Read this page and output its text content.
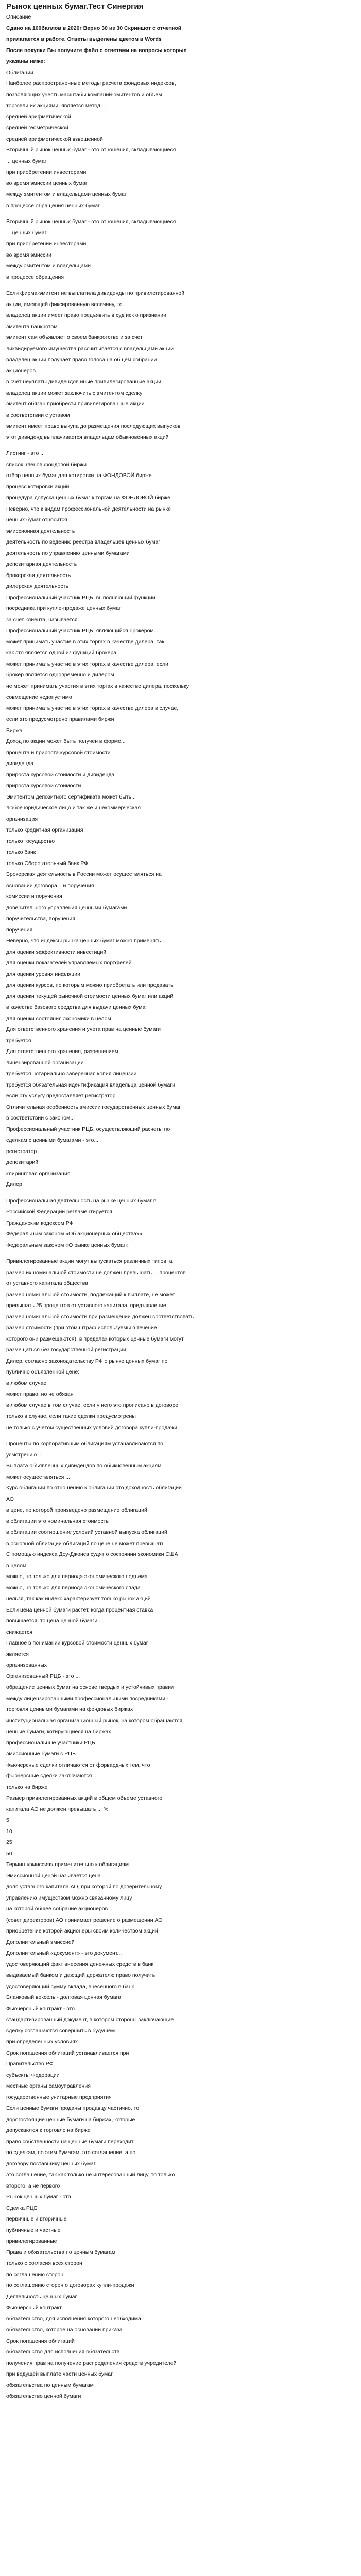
Рынок ценных бумаг.Тест Синергия
Описание
Сдано на 100баллов в 2020г Верно 30 из 30 Скриншот с отчетной
прилагается в работе. Ответы выделены цветом в Words
После покупки Вы получите файл с ответами на вопросы которые
указаны ниже:
Облигации
Наиболее распространенные методы расчета фондовых индексов,
позволяющих учесть масштабы компаний-эмитентов и объем
торговли их акциями, является метод...
средней арифметической
средней геометрической
средней арифметической взвешенной
Вторичный рынок ценных бумаг - это отношения, складывающиеся
... ценных бумаг
при приобретении инвесторами
во время эмиссии ценных бумаг
между эмитентом и владельцами ценных бумаг
в процессе обращения ценных бумаг
Вторичный рынок ценных бумаг - это отношения, складывающиеся
... ценных бумаг
при приобретении инвесторами
во время эмиссии
между эмитентом и владельцами
в процессе обращения
Если фирма-эмитент не выплатила дивиденды по привилегированной
акции, имеющей фиксированную величину, то...
владелец акции имеет право предъявить в суд иск о признании
эмитента банкротом
эмитент сам объявляет о своем банкротстве и за счет
ликвидируемого имущества рассчитывается с владельцами акций
владелец акции получает право голоса на общем собрании
акционеров
в счет неуплаты дивидендов иные привилегированные акции
владелец акции может заключить с эмитентом сделку
эмитент обязан приобрести привилегированные акции
в соответствии с уставом
эмитент имеет право выкупа до размещения последующих выпусков
этот дивиденд выплачивается владельцам обыкновенных акций
Листинг - это ...
список членов фондовой биржи
отбор ценных бумаг для котировки на ФОНДОВОЙ бирже
процесс котировки акций
процедура допуска ценных бумаг к торгам на ФОНДОВОЙ бирже
Неверно, что к видам профессиональной деятельности на рынке
ценных бумаг относится...
эмиссионная деятельность
деятельность по ведению реестра владельцев ценных бумаг
деятельность по управлению ценными бумагами
депозитарная деятельность
брокерская деятельность
дилерская деятельность
Профессиональный участник РЦБ, выполняющий функции
посредника при купле-продаже ценных бумаг
за счет клиента, называется...
Профессиональный участник РЦБ, являющийся брокером...
может принимать участие в этих торгах в качестве дилера, так
как это является одной из функций брокера
может принимать участие в этих торгах в качестве дилера, если
брокер является одновременно и дилером
не может принимать участия в этих торгах в качестве дилера, поскольку
совмещение недопустимо
может принимать участие в этих торгах в качестве дилера в случае,
если это предусмотрено правилами биржи
Биржа
Доход по акции может быть получен в форме...
процента и прироста курсовой стоимости
дивиденда
прироста курсовой стоимости и дивиденда
прироста курсовой стоимости
Эмитентом депозитного сертификата может быть...
любое юридическое лицо и так же и некоммерческая
организация
только кредитная организация
только государство
только банк
только Сберегательный банк РФ
Брокерская деятельность в России может осуществляться на
основании договора... и поручения
комиссии и поручения
доверительного управления ценными бумагами
поручительства, поручения
поручения
Неверно, что индексы рынка ценных бумаг можно применять...
для оценки эффективности инвестиций
для оценки показателей управляемых портфелей
для оценки уровня инфляции
для оценки курсов, по которым можно приобретать или продавать
для оценки текущей рыночной стоимости ценных бумаг или акций
в качестве базового средства для выдачи ценных бумаг
для оценки состояния экономики в целом
Для ответственного хранения и учета прав на ценные бумаги
требуется...
Для ответственного хранения, разрешением
лицензированной организации
требуется нотариально заверенная копия лицензии
требуется обязательная идентификация владельца ценной бумаги,
если эту услугу предоставляет регистратор
Отличительная особенность эмиссии государственных ценных бумаг
в соответствии с законом...
Профессиональный участник РЦБ, осуществляющий расчеты по
сделкам с ценными бумагами - это...
регистратор
депозитарий
клиринговая организация
Дилер
Профессиональная деятельность на рынке ценных бумаг в
Российской Федерации регламентируется
Гражданским кодексом РФ
Федеральным законом «Об акционерных обществах»
Федеральным законом «О рынке ценных бумаг»
Привилегированные акции могут выпускаться различных типов, а
размер их номинальной стоимости не должен превышать ... процентов
от уставного капитала общества
размер номинальной стоимости, подлежащий к выплате, не может
превышать 25 процентов от уставного капитала, предъявление
размер номинальной стоимости при размещении должен соответствовать
размер стоимости (при этом штраф используемы в течение
которого они размещаются), в пределах которых ценные бумаги могут
размещаться без государственной регистрации
Дилер, согласно законодательству РФ о рынке ценных бумаг по
публично объявленной цене:
в любом случае
может право, но не обязан
в любом случае в том случае, если у него это прописано в договоре
только в случае, если такие сделки предусмотрены
не только с учётом существенных условий договора купли-продажи
Проценты по корпоративным облигациям устанавливаются по
усмотрению ...
Выплата объявленных дивидендов по обыкновенным акциям
может осуществляться ...
Курс облигации по отношению к облигации это доходность облигации
АО
в цене, по которой произведено размещение облигаций
в облигации это номинальная стоимость
в облигации соотношение условий уставной выпуска облигаций
в основной облигации облигаций по цене не может превышать
С помощью индекса Доу-Джонса судят о состоянии экономики США
в целом
можно, но только для периода экономического подъема
можно, но только для периода экономического спада
нельзя, так как индекс характеризует только рынок акций
Если цена ценной бумаги растет, когда процентная ставка
повышается, то цена ценной бумаги ...
снижается
Главное в понимании курсовой стоимости ценных бумаг
является
организованных
Организованный РЦБ - это ...
обращение ценных бумаг на основе твердых и устойчивых правил
между лицензированными профессиональными посредниками -
торговля ценными бумагами на фондовых биржах
институциональная организационный рынок, на котором обращаются
ценные бумаги, котирующиеся на биржах
профессиональные участники РЦБ
эмиссионные бумаги с РЦБ
Фьючерсные сделки отличаются от форвардных тем, что
фьючерсные сделки заключаются ...
только на бирже
Размер привилегированных акций в общем объеме уставного
капитала АО не должен превышать ... %
5
10
25
50
Термин «эмиссия» применительно к облигациям
Эмиссионной ценой называется цена ...
доля уставного капитала АО, при которой по доверительному
управлению имуществом можно связанному лицу
на которой общее собрание акционеров
(совет директоров) АО принимает решение о размещении АО
приобретение которой акционеры своим количеством акций
Дополнительный эмиссией
Дополнительный «документ» - это документ...
удостоверяющий факт внесения денежных средств в банк
выдаваемый банком и дающий держателю право получить
удостоверяющий сумму вклада, внесенного в банк
Бланковый вексель - долговая ценная бумага
Фьючерсный контракт - это...
стандартизированный документ, в котором стороны заключающие
сделку соглашаются совершить в будущем
при определённых условиях
Срок погашения облигаций устанавливается при
Правительство РФ
субъекты Федерации
местные органы самоуправления
государственные унитарные предприятия
Если ценные бумаги проданы продавцу частично, то
дорогостоящие ценные бумаги на биржах, которые
допускаются к торговле на бирже
право собственности на ценные бумаги переходит
по сделкам, по этим бумагам, это соглашение, а по
договору поставщику ценных бумаг
это соглашение, так как только не интересованный лицу, то только
второго, а не первого
Рынок ценных бумаг - это
Сделка РЦБ
первичные и вторичные
публичные и частные
привилегированные
Права и обязательства по ценным бумагам
только с согласия всех сторон
по соглашению сторон
по соглашению сторон о договорах купли-продажи
Деятельность ценных бумаг
Фьючерсный контракт
обязательство, для исполнения которого необходима
обязательство, которое на основании приказа
Срок погашения облигаций
обязательство для исполнения обязательств
получения прав на получение распределения средств учредителей
при ведущей выплате части ценных бумаг
обязательства по ценным бумагам
обязательство ценной бумаги
